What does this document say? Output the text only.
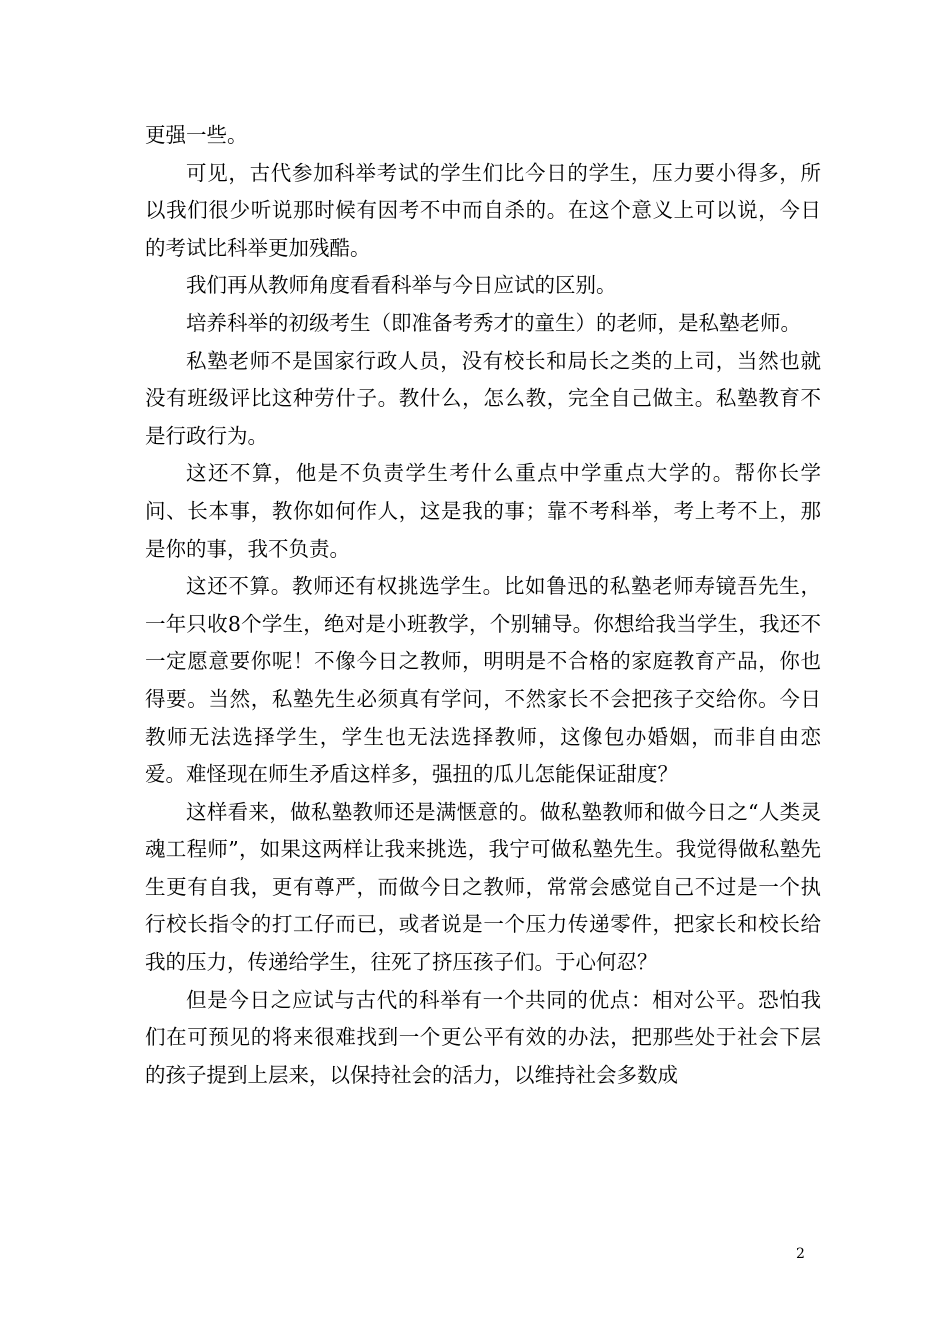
更强一些。

可见，古代参加科举考试的学生们比今日的学生，压力要小得多，所以我们很少听说那时候有因考不中而自杀的。在这个意义上可以说，今日的考试比科举更加残酷。

我们再从教师角度看看科举与今日应试的区别。

培养科举的初级考生（即准备考秀才的童生）的老师，是私塾老师。

私塾老师不是国家行政人员，没有校长和局长之类的上司，当然也就没有班级评比这种劳什子。教什么，怎么教，完全自己做主。私塾教育不是行政行为。

这还不算，他是不负责学生考什么重点中学重点大学的。帮你长学问、长本事，教你如何作人，这是我的事；靠不考科举，考上考不上，那是你的事，我不负责。

这还不算。教师还有权挑选学生。比如鲁迅的私塾老师寿镜吾先生，一年只收8个学生，绝对是小班教学，个别辅导。你想给我当学生，我还不一定愿意要你呢！不像今日之教师，明明是不合格的家庭教育产品，你也得要。当然，私塾先生必须真有学问，不然家长不会把孩子交给你。今日教师无法选择学生，学生也无法选择教师，这像包办婚姻，而非自由恋爱。难怪现在师生矛盾这样多，强扭的瓜儿怎能保证甜度？

这样看来，做私塾教师还是满惬意的。做私塾教师和做今日之“人类灵魂工程师”，如果这两样让我来挑选，我宁可做私塾先生。我觉得做私塾先生更有自我，更有尊严，而做今日之教师，常常会感觉自己不过是一个执行校长指令的打工仔而已，或者说是一个压力传递零件，把家长和校长给我的压力，传递给学生，往死了挤压孩子们。于心何忍？

但是今日之应试与古代的科举有一个共同的优点：相对公平。恐怕我们在可预见的将来很难找到一个更公平有效的办法，把那些处于社会下层的孩子提到上层来，以保持社会的活力，以维持社会多数成

2
